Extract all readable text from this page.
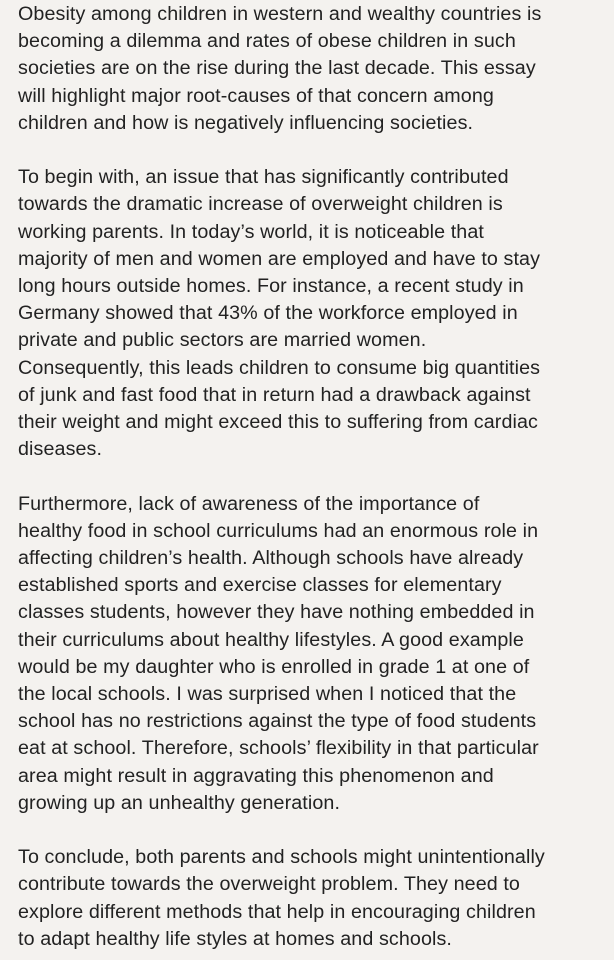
Obesity among children in western and wealthy countries is
becoming a dilemma and rates of obese children in such
societies are on the rise during the last decade. This essay
will highlight major root-causes of that concern among
children and how is negatively influencing societies.

To begin with, an issue that has significantly contributed
towards the dramatic increase of overweight children is
working parents. In today’s world, it is noticeable that
majority of men and women are employed and have to stay
long hours outside homes. For instance, a recent study in
Germany showed that 43% of the workforce employed in
private and public sectors are married women.
Consequently, this leads children to consume big quantities
of junk and fast food that in return had a drawback against
their weight and might exceed this to suffering from cardiac
diseases.

Furthermore, lack of awareness of the importance of
healthy food in school curriculums had an enormous role in
affecting children’s health. Although schools have already
established sports and exercise classes for elementary
classes students, however they have nothing embedded in
their curriculums about healthy lifestyles. A good example
would be my daughter who is enrolled in grade 1 at one of
the local schools. I was surprised when I noticed that the
school has no restrictions against the type of food students
eat at school. Therefore, schools’ flexibility in that particular
area might result in aggravating this phenomenon and
growing up an unhealthy generation.

To conclude, both parents and schools might unintentionally
contribute towards the overweight problem. They need to
explore different methods that help in encouraging children
to adapt healthy life styles at homes and schools.
